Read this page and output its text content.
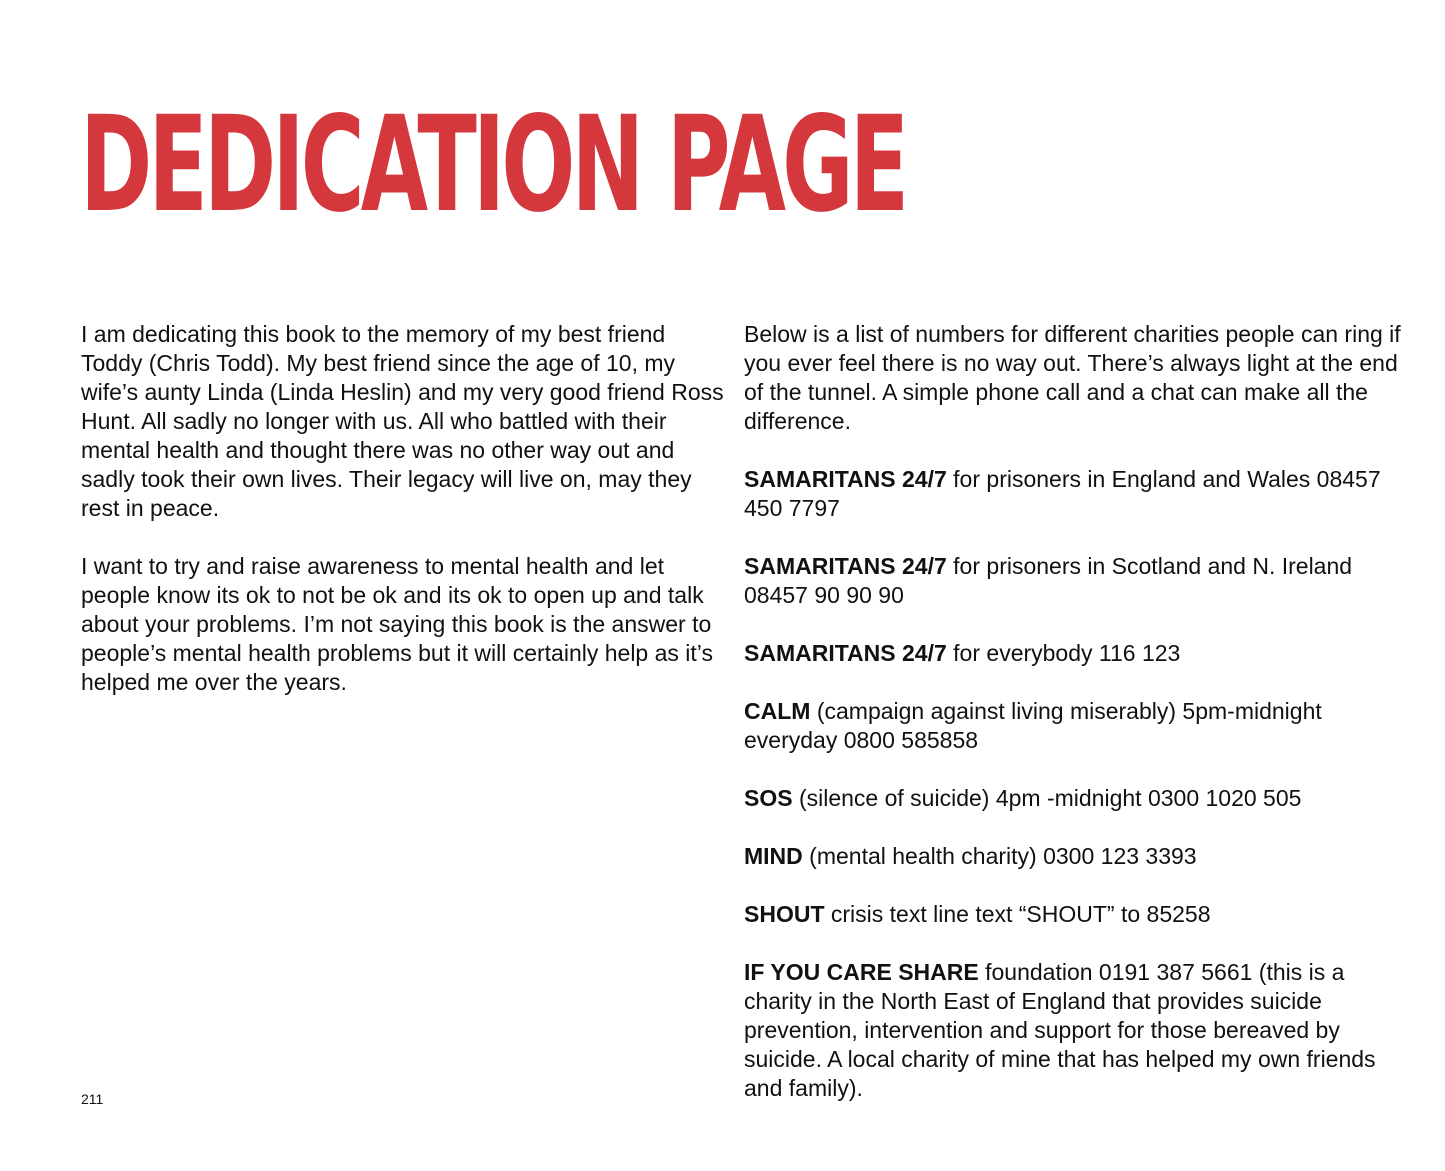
DEDICATION PAGE

I am dedicating this book to the memory of my best friend Toddy (Chris Todd). My best friend since the age of 10, my wife’s aunty Linda (Linda Heslin) and my very good friend Ross Hunt. All sadly no longer with us. All who battled with their mental health and thought there was no other way out and sadly took their own lives. Their legacy will live on, may they rest in peace.

I want to try and raise awareness to mental health and let people know its ok to not be ok and its ok to open up and talk about your problems. I’m not saying this book is the answer to people’s mental health problems but it will certainly help as it’s helped me over the years.

Below is a list of numbers for different charities people can ring if you ever feel there is no way out. There’s always light at the end of the tunnel. A simple phone call and a chat can make all the difference.

SAMARITANS 24/7 for prisoners in England and Wales 08457 450 7797

SAMARITANS 24/7 for prisoners in Scotland and N. Ireland 08457 90 90 90

SAMARITANS 24/7 for everybody 116 123

CALM (campaign against living miserably) 5pm-midnight everyday 0800 585858

SOS (silence of suicide) 4pm -midnight 0300 1020 505

MIND (mental health charity) 0300 123 3393

SHOUT crisis text line text “SHOUT” to 85258

IF YOU CARE SHARE foundation 0191 387 5661 (this is a charity in the North East of England that provides suicide prevention, intervention and support for those bereaved by suicide. A local charity of mine that has helped my own friends and family).

211
